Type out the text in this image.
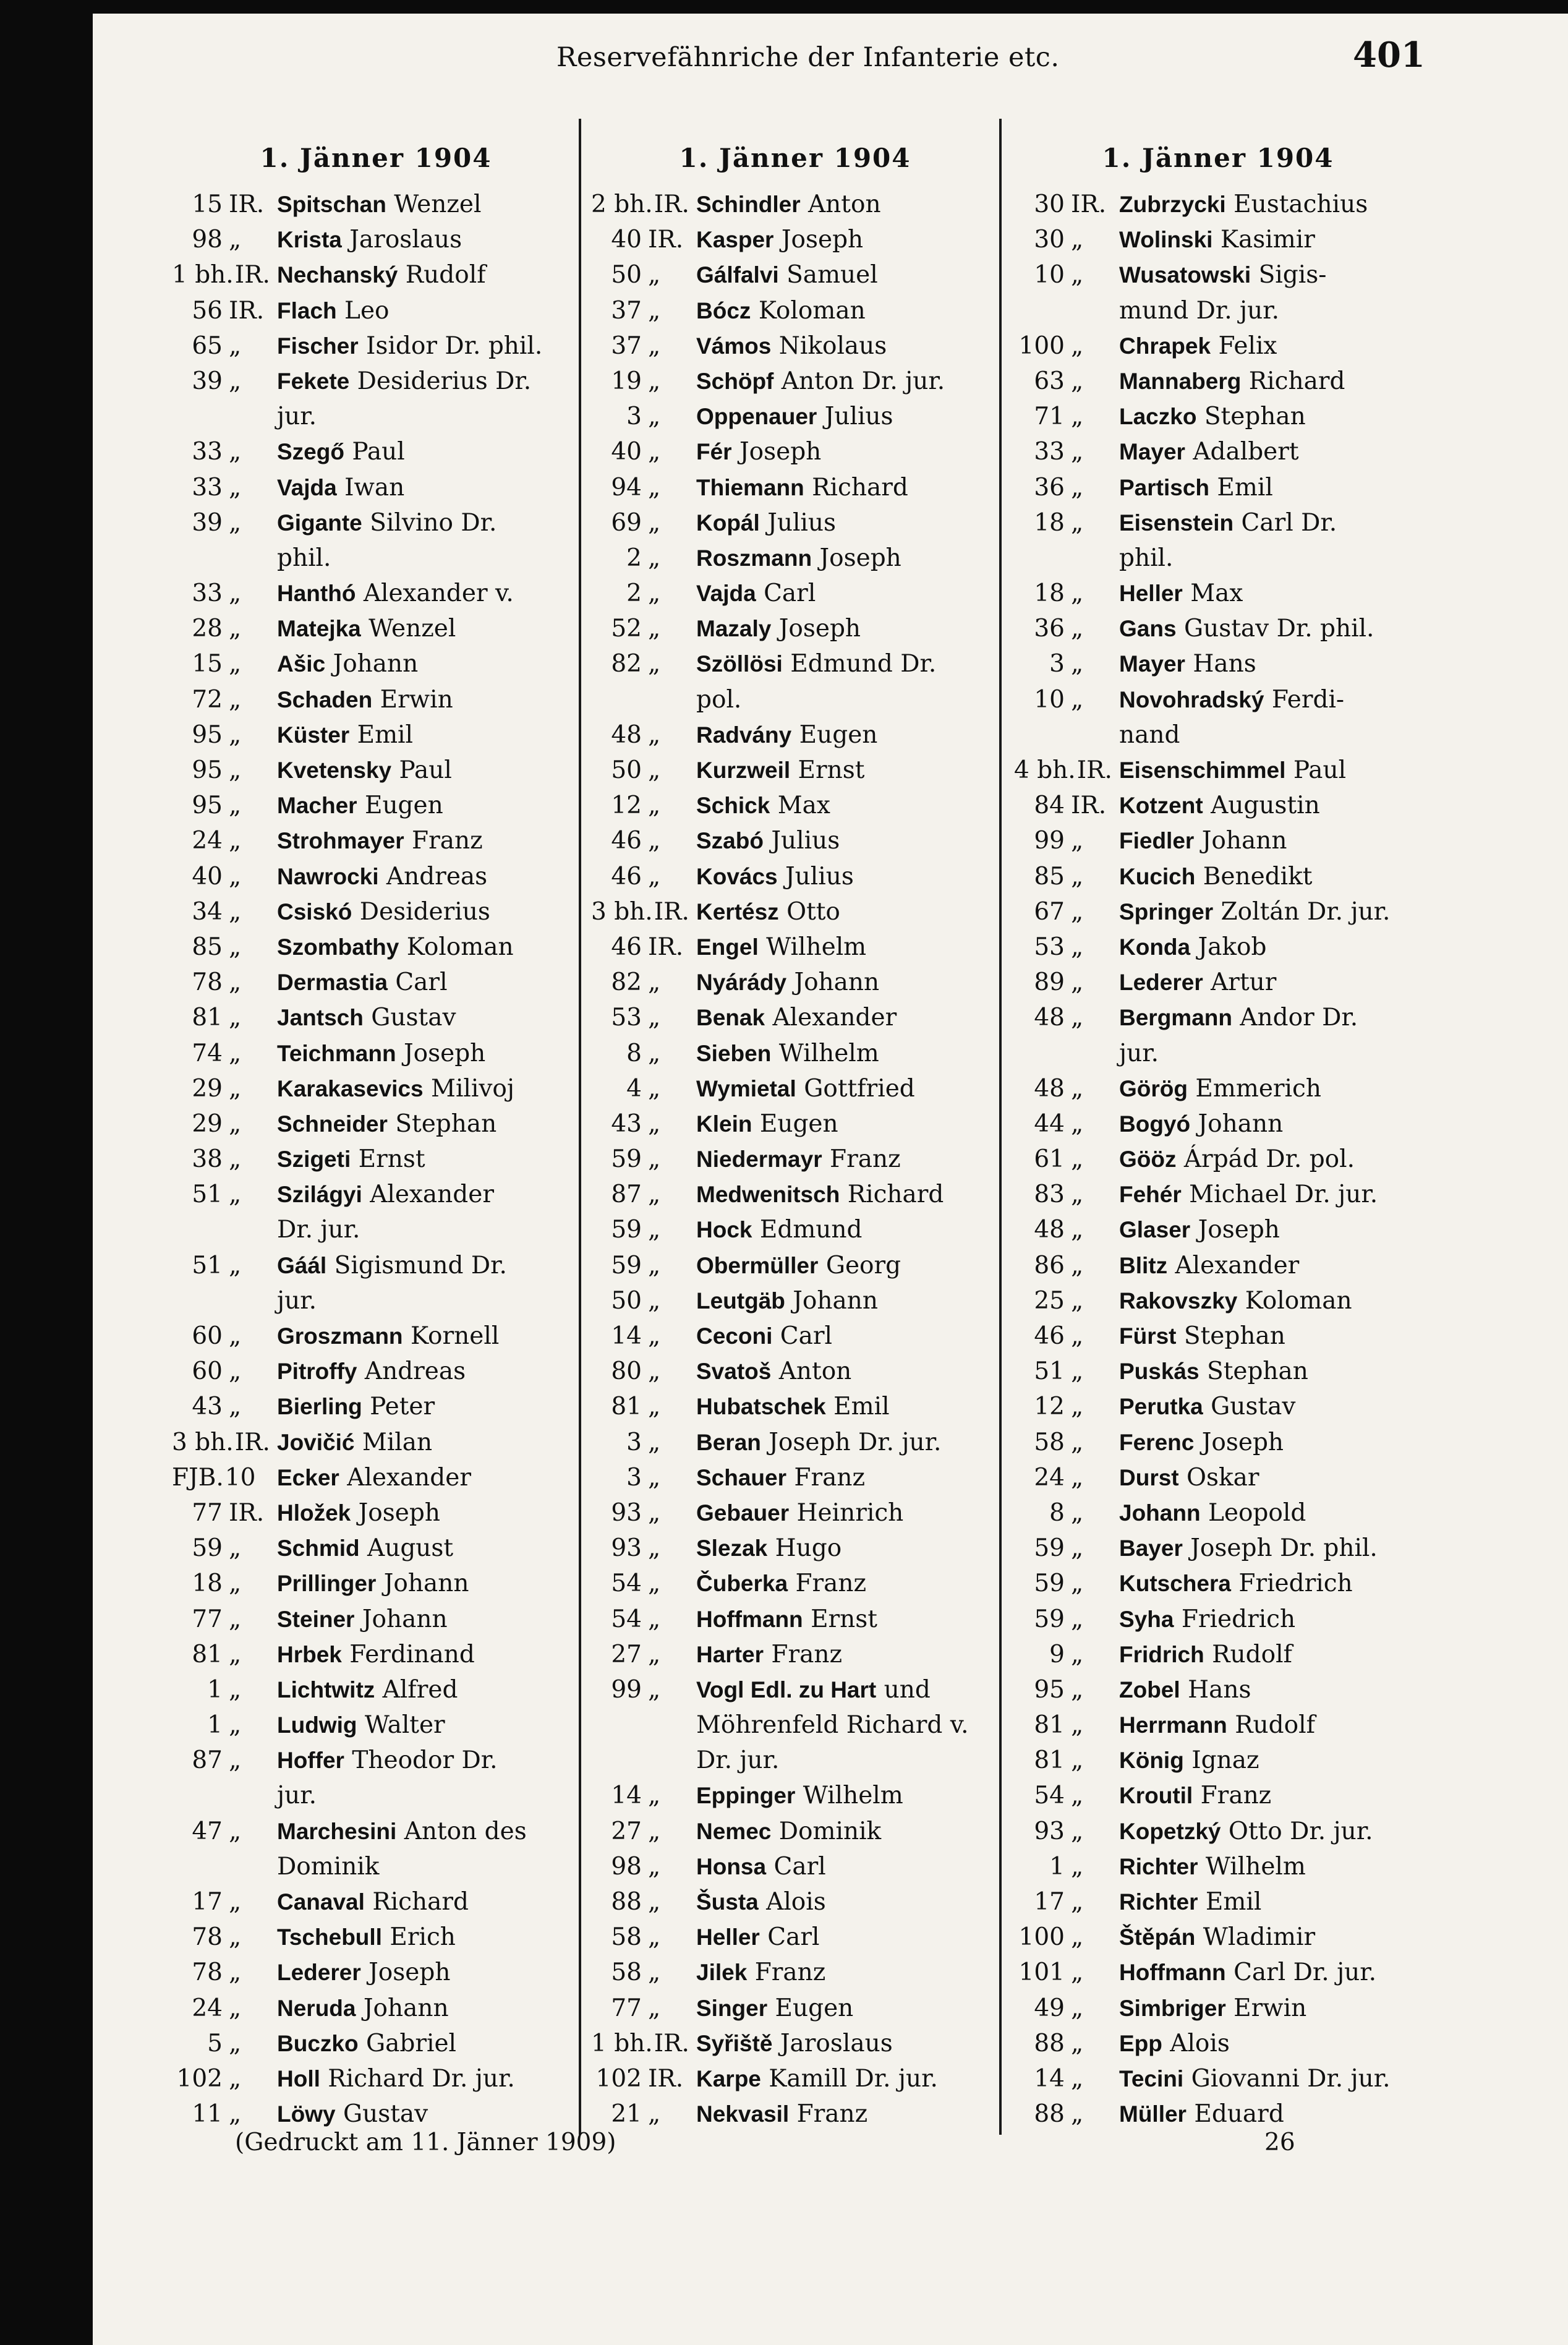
Reservefähnriche der Infanterie etc.	401
1. Jänner 1904
15 IR. Spitschan Wenzel
98 „ Krista Jaroslaus
1 bh.IR. Nechanský Rudolf
56 IR. Flach Leo
65 „ Fischer Isidor Dr. phil.
39 „ Fekete Desiderius Dr.
jur.
33 „ Szegő Paul
33 „ Vajda Iwan
39 „ Gigante Silvino Dr.
phil.
33 „ Hanthó Alexander v.
28 „ Matejka Wenzel
15 „ Ašic Johann
72 „ Schaden Erwin
95 „ Küster Emil
95 „ Kvetensky Paul
95 „ Macher Eugen
24 „ Strohmayer Franz
40 „ Nawrocki Andreas
34 „ Csiskó Desiderius
85 „ Szombathy Koloman
78 „ Dermastia Carl
81 „ Jantsch Gustav
74 „ Teichmann Joseph
29 „ Karakasevics Milivoj
29 „ Schneider Stephan
38 „ Szigeti Ernst
51 „ Szilágyi Alexander
Dr. jur.
51 „ Gáál Sigismund Dr.
jur.
60 „ Groszmann Kornell
60 „ Pitroffy Andreas
43 „ Bierling Peter
3 bh.IR. Jovičić Milan
FJB.10 Ecker Alexander
77 IR. Hložek Joseph
59 „ Schmid August
18 „ Prillinger Johann
77 „ Steiner Johann
81 „ Hrbek Ferdinand
1 „ Lichtwitz Alfred
1 „ Ludwig Walter
87 „ Hoffer Theodor Dr.
jur.
47 „ Marchesini Anton des
Dominik
17 „ Canaval Richard
78 „ Tschebull Erich
78 „ Lederer Joseph
24 „ Neruda Johann
5 „ Buczko Gabriel
102 „ Holl Richard Dr. jur.
11 „ Löwy Gustav
1. Jänner 1904
2 bh.IR. Schindler Anton
40 IR. Kasper Joseph
50 „ Gálfalvi Samuel
37 „ Bócz Koloman
37 „ Vámos Nikolaus
19 „ Schöpf Anton Dr. jur.
3 „ Oppenauer Julius
40 „ Fér Joseph
94 „ Thiemann Richard
69 „ Kopál Julius
2 „ Roszmann Joseph
2 „ Vajda Carl
52 „ Mazaly Joseph
82 „ Szöllösi Edmund Dr.
pol.
48 „ Radvány Eugen
50 „ Kurzweil Ernst
12 „ Schick Max
46 „ Szabó Julius
46 „ Kovács Julius
3 bh.IR. Kertész Otto
46 IR. Engel Wilhelm
82 „ Nyárády Johann
53 „ Benak Alexander
8 „ Sieben Wilhelm
4 „ Wymietal Gottfried
43 „ Klein Eugen
59 „ Niedermayr Franz
87 „ Medwenitsch Richard
59 „ Hock Edmund
59 „ Obermüller Georg
50 „ Leutgäb Johann
14 „ Ceconi Carl
80 „ Svatoš Anton
81 „ Hubatschek Emil
3 „ Beran Joseph Dr. jur.
3 „ Schauer Franz
93 „ Gebauer Heinrich
93 „ Slezak Hugo
54 „ Čuberka Franz
54 „ Hoffmann Ernst
27 „ Harter Franz
99 „ Vogl Edl. zu Hart und
Möhrenfeld Richard v.
Dr. jur.
14 „ Eppinger Wilhelm
27 „ Nemec Dominik
98 „ Honsa Carl
88 „ Šusta Alois
58 „ Heller Carl
58 „ Jilek Franz
77 „ Singer Eugen
1 bh.IR. Syřiště Jaroslaus
102 IR. Karpe Kamill Dr. jur.
21 „ Nekvasil Franz
1. Jänner 1904
30 IR. Zubrzycki Eustachius
30 „ Wolinski Kasimir
10 „ Wusatowski Sigis-
mund Dr. jur.
100 „ Chrapek Felix
63 „ Mannaberg Richard
71 „ Laczko Stephan
33 „ Mayer Adalbert
36 „ Partisch Emil
18 „ Eisenstein Carl Dr.
phil.
18 „ Heller Max
36 „ Gans Gustav Dr. phil.
3 „ Mayer Hans
10 „ Novohradský Ferdi-
nand
4 bh.IR. Eisenschimmel Paul
84 IR. Kotzent Augustin
99 „ Fiedler Johann
85 „ Kucich Benedikt
67 „ Springer Zoltán Dr. jur.
53 „ Konda Jakob
89 „ Lederer Artur
48 „ Bergmann Andor Dr.
jur.
48 „ Görög Emmerich
44 „ Bogyó Johann
61 „ Gööz Árpád Dr. pol.
83 „ Fehér Michael Dr. jur.
48 „ Glaser Joseph
86 „ Blitz Alexander
25 „ Rakovszky Koloman
46 „ Fürst Stephan
51 „ Puskás Stephan
12 „ Perutka Gustav
58 „ Ferenc Joseph
24 „ Durst Oskar
8 „ Johann Leopold
59 „ Bayer Joseph Dr. phil.
59 „ Kutschera Friedrich
59 „ Syha Friedrich
9 „ Fridrich Rudolf
95 „ Zobel Hans
81 „ Herrmann Rudolf
81 „ König Ignaz
54 „ Kroutil Franz
93 „ Kopetzký Otto Dr. jur.
1 „ Richter Wilhelm
17 „ Richter Emil
100 „ Štěpán Wladimir
101 „ Hoffmann Carl Dr. jur.
49 „ Simbriger Erwin
88 „ Epp Alois
14 „ Tecini Giovanni Dr. jur.
88 „ Müller Eduard
(Gedruckt am 11. Jänner 1909)	26
